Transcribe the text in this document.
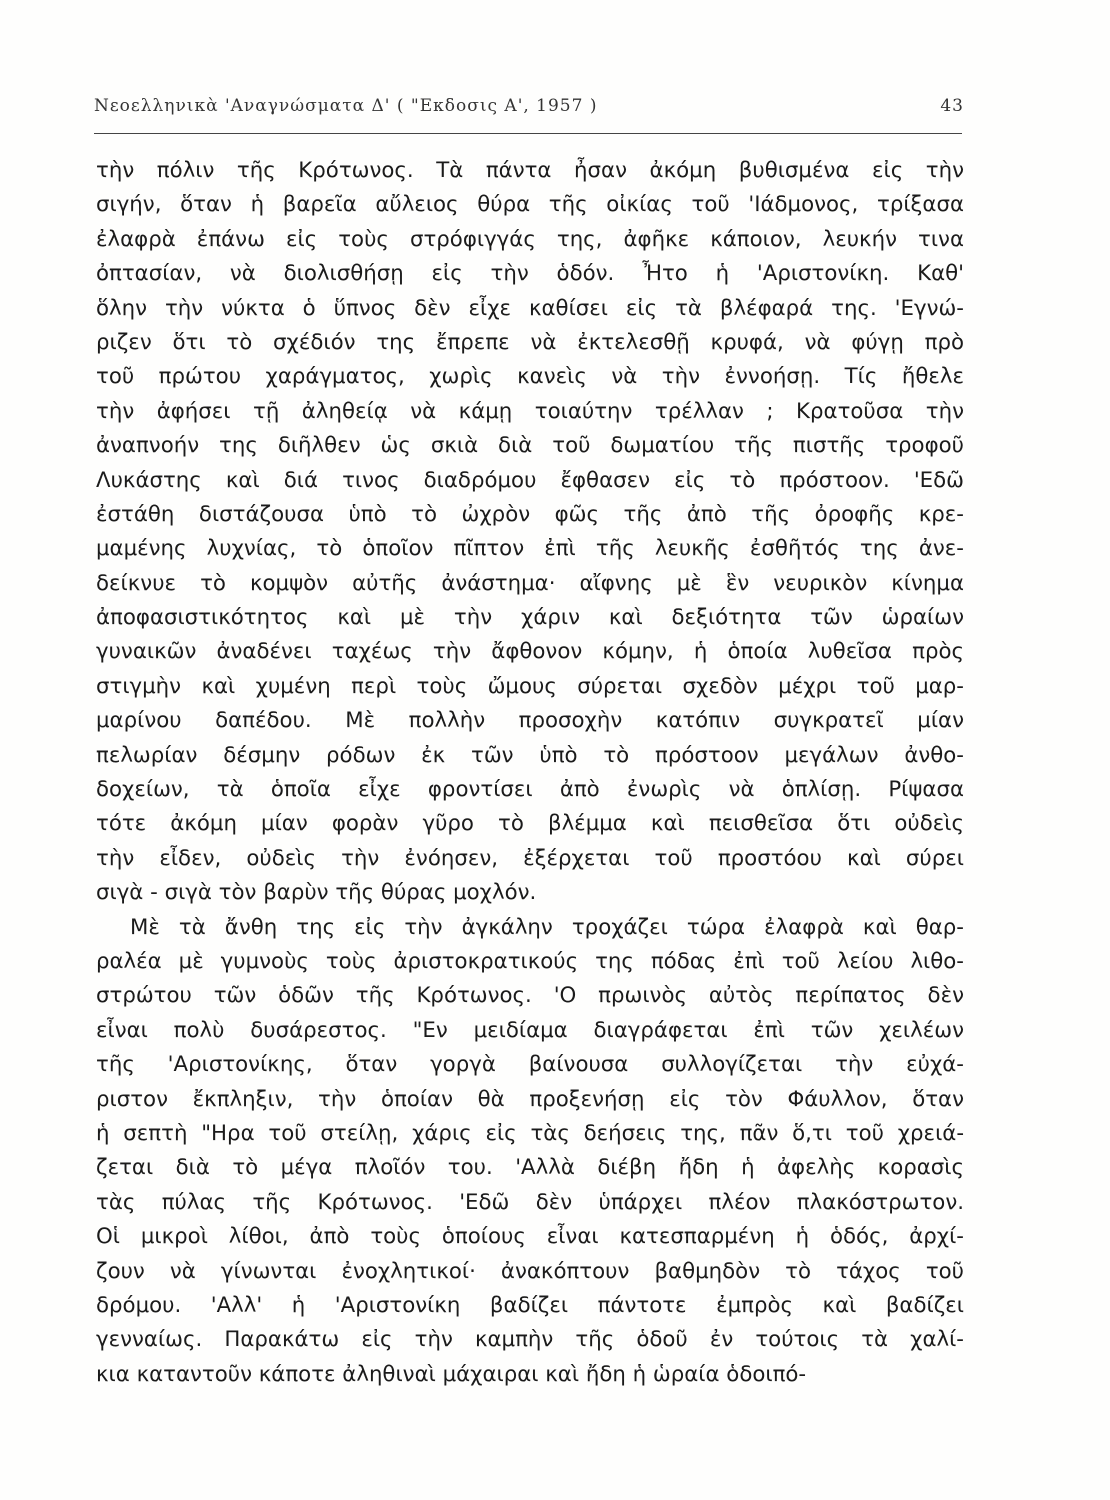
Νεοελληνικὰ 'Αναγνώσματα Δ' ( "Εκδοσις Α', 1957 )	43
τὴν πόλιν τῆς Κρότωνος. Τὰ πάντα ἦσαν ἀκόμη βυθισμένα εἰς τὴν
σιγήν, ὅταν ἡ βαρεῖα αὔλειος θύρα τῆς οἰκίας τοῦ 'Ιάδμονος, τρίξασα
ἐλαφρὰ ἐπάνω εἰς τοὺς στρόφιγγάς της, ἀφῆκε κάποιον, λευκήν τινα
ὀπτασίαν, νὰ διολισθήσῃ εἰς τὴν ὁδόν. Ἦτο ἡ 'Αριστονίκη. Καθ'
ὅλην τὴν νύκτα ὁ ὕπνος δὲν εἶχε καθίσει εἰς τὰ βλέφαρά της. 'Εγνώ-
ριζεν ὅτι τὸ σχέδιόν της ἔπρεπε νὰ ἐκτελεσθῇ κρυφά, νὰ φύγῃ πρὸ
τοῦ πρώτου χαράγματος, χωρὶς κανεὶς νὰ τὴν ἐννοήσῃ. Τίς ἤθελε
τὴν ἀφήσει τῇ ἀληθείᾳ νὰ κάμῃ τοιαύτην τρέλλαν ; Κρατοῦσα τὴν
ἀναπνοήν της διῆλθεν ὡς σκιὰ διὰ τοῦ δωματίου τῆς πιστῆς τροφοῦ
Λυκάστης καὶ διά τινος διαδρόμου ἔφθασεν εἰς τὸ πρόστοον. 'Εδῶ
ἐστάθη διστάζουσα ὑπὸ τὸ ὠχρὸν φῶς τῆς ἀπὸ τῆς ὀροφῆς κρε-
μαμένης λυχνίας, τὸ ὁποῖον πῖπτον ἐπὶ τῆς λευκῆς ἐσθῆτός της ἀνε-
δείκνυε τὸ κομψὸν αὐτῆς ἀνάστημα· αἴφνης μὲ ἓν νευρικὸν κίνημα
ἀποφασιστικότητος καὶ μὲ τὴν χάριν καὶ δεξιότητα τῶν ὡραίων
γυναικῶν ἀναδένει ταχέως τὴν ἄφθονον κόμην, ἡ ὁποία λυθεῖσα πρὸς
στιγμὴν καὶ χυμένη περὶ τοὺς ὤμους σύρεται σχεδὸν μέχρι τοῦ μαρ-
μαρίνου δαπέδου. Μὲ πολλὴν προσοχὴν κατόπιν συγκρατεῖ μίαν
πελωρίαν δέσμην ρόδων ἐκ τῶν ὑπὸ τὸ πρόστοον μεγάλων ἀνθο-
δοχείων, τὰ ὁποῖα εἶχε φροντίσει ἀπὸ ἐνωρὶς νὰ ὁπλίσῃ. Ρίψασα
τότε ἀκόμη μίαν φορὰν γῦρο τὸ βλέμμα καὶ πεισθεῖσα ὅτι οὐδεὶς
τὴν εἶδεν, οὐδεὶς τὴν ἐνόησεν, ἐξέρχεται τοῦ προστόου καὶ σύρει
σιγὰ - σιγὰ τὸν βαρὺν τῆς θύρας μοχλόν.
Μὲ τὰ ἄνθη της εἰς τὴν ἀγκάλην τροχάζει τώρα ἐλαφρὰ καὶ θαρ-
ραλέα μὲ γυμνοὺς τοὺς ἀριστοκρατικούς της πόδας ἐπὶ τοῦ λείου λιθο-
στρώτου τῶν ὁδῶν τῆς Κρότωνος. 'Ο πρωινὸς αὐτὸς περίπατος δὲν
εἶναι πολὺ δυσάρεστος. "Εν μειδίαμα διαγράφεται ἐπὶ τῶν χειλέων
τῆς 'Αριστονίκης, ὅταν γοργὰ βαίνουσα συλλογίζεται τὴν εὐχά-
ριστον ἔκπληξιν, τὴν ὁποίαν θὰ προξενήσῃ εἰς τὸν Φάυλλον, ὅταν
ἡ σεπτὴ "Ηρα τοῦ στείλῃ, χάρις εἰς τὰς δεήσεις της, πᾶν ὅ,τι τοῦ χρειά-
ζεται διὰ τὸ μέγα πλοῖόν του. 'Αλλὰ διέβη ἤδη ἡ ἀφελὴς κορασὶς
τὰς πύλας τῆς Κρότωνος. 'Εδῶ δὲν ὑπάρχει πλέον πλακόστρωτον.
Οἱ μικροὶ λίθοι, ἀπὸ τοὺς ὁποίους εἶναι κατεσπαρμένη ἡ ὁδός, ἀρχί-
ζουν νὰ γίνωνται ἐνοχλητικοί· ἀνακόπτουν βαθμηδὸν τὸ τάχος τοῦ
δρόμου. 'Αλλ' ἡ 'Αριστονίκη βαδίζει πάντοτε ἐμπρὸς καὶ βαδίζει
γενναίως. Παρακάτω εἰς τὴν καμπὴν τῆς ὁδοῦ ἐν τούτοις τὰ χαλί-
κια καταντοῦν κάποτε ἀληθιναὶ μάχαιραι καὶ ἤδη ἡ ὡραία ὁδοιπό-
